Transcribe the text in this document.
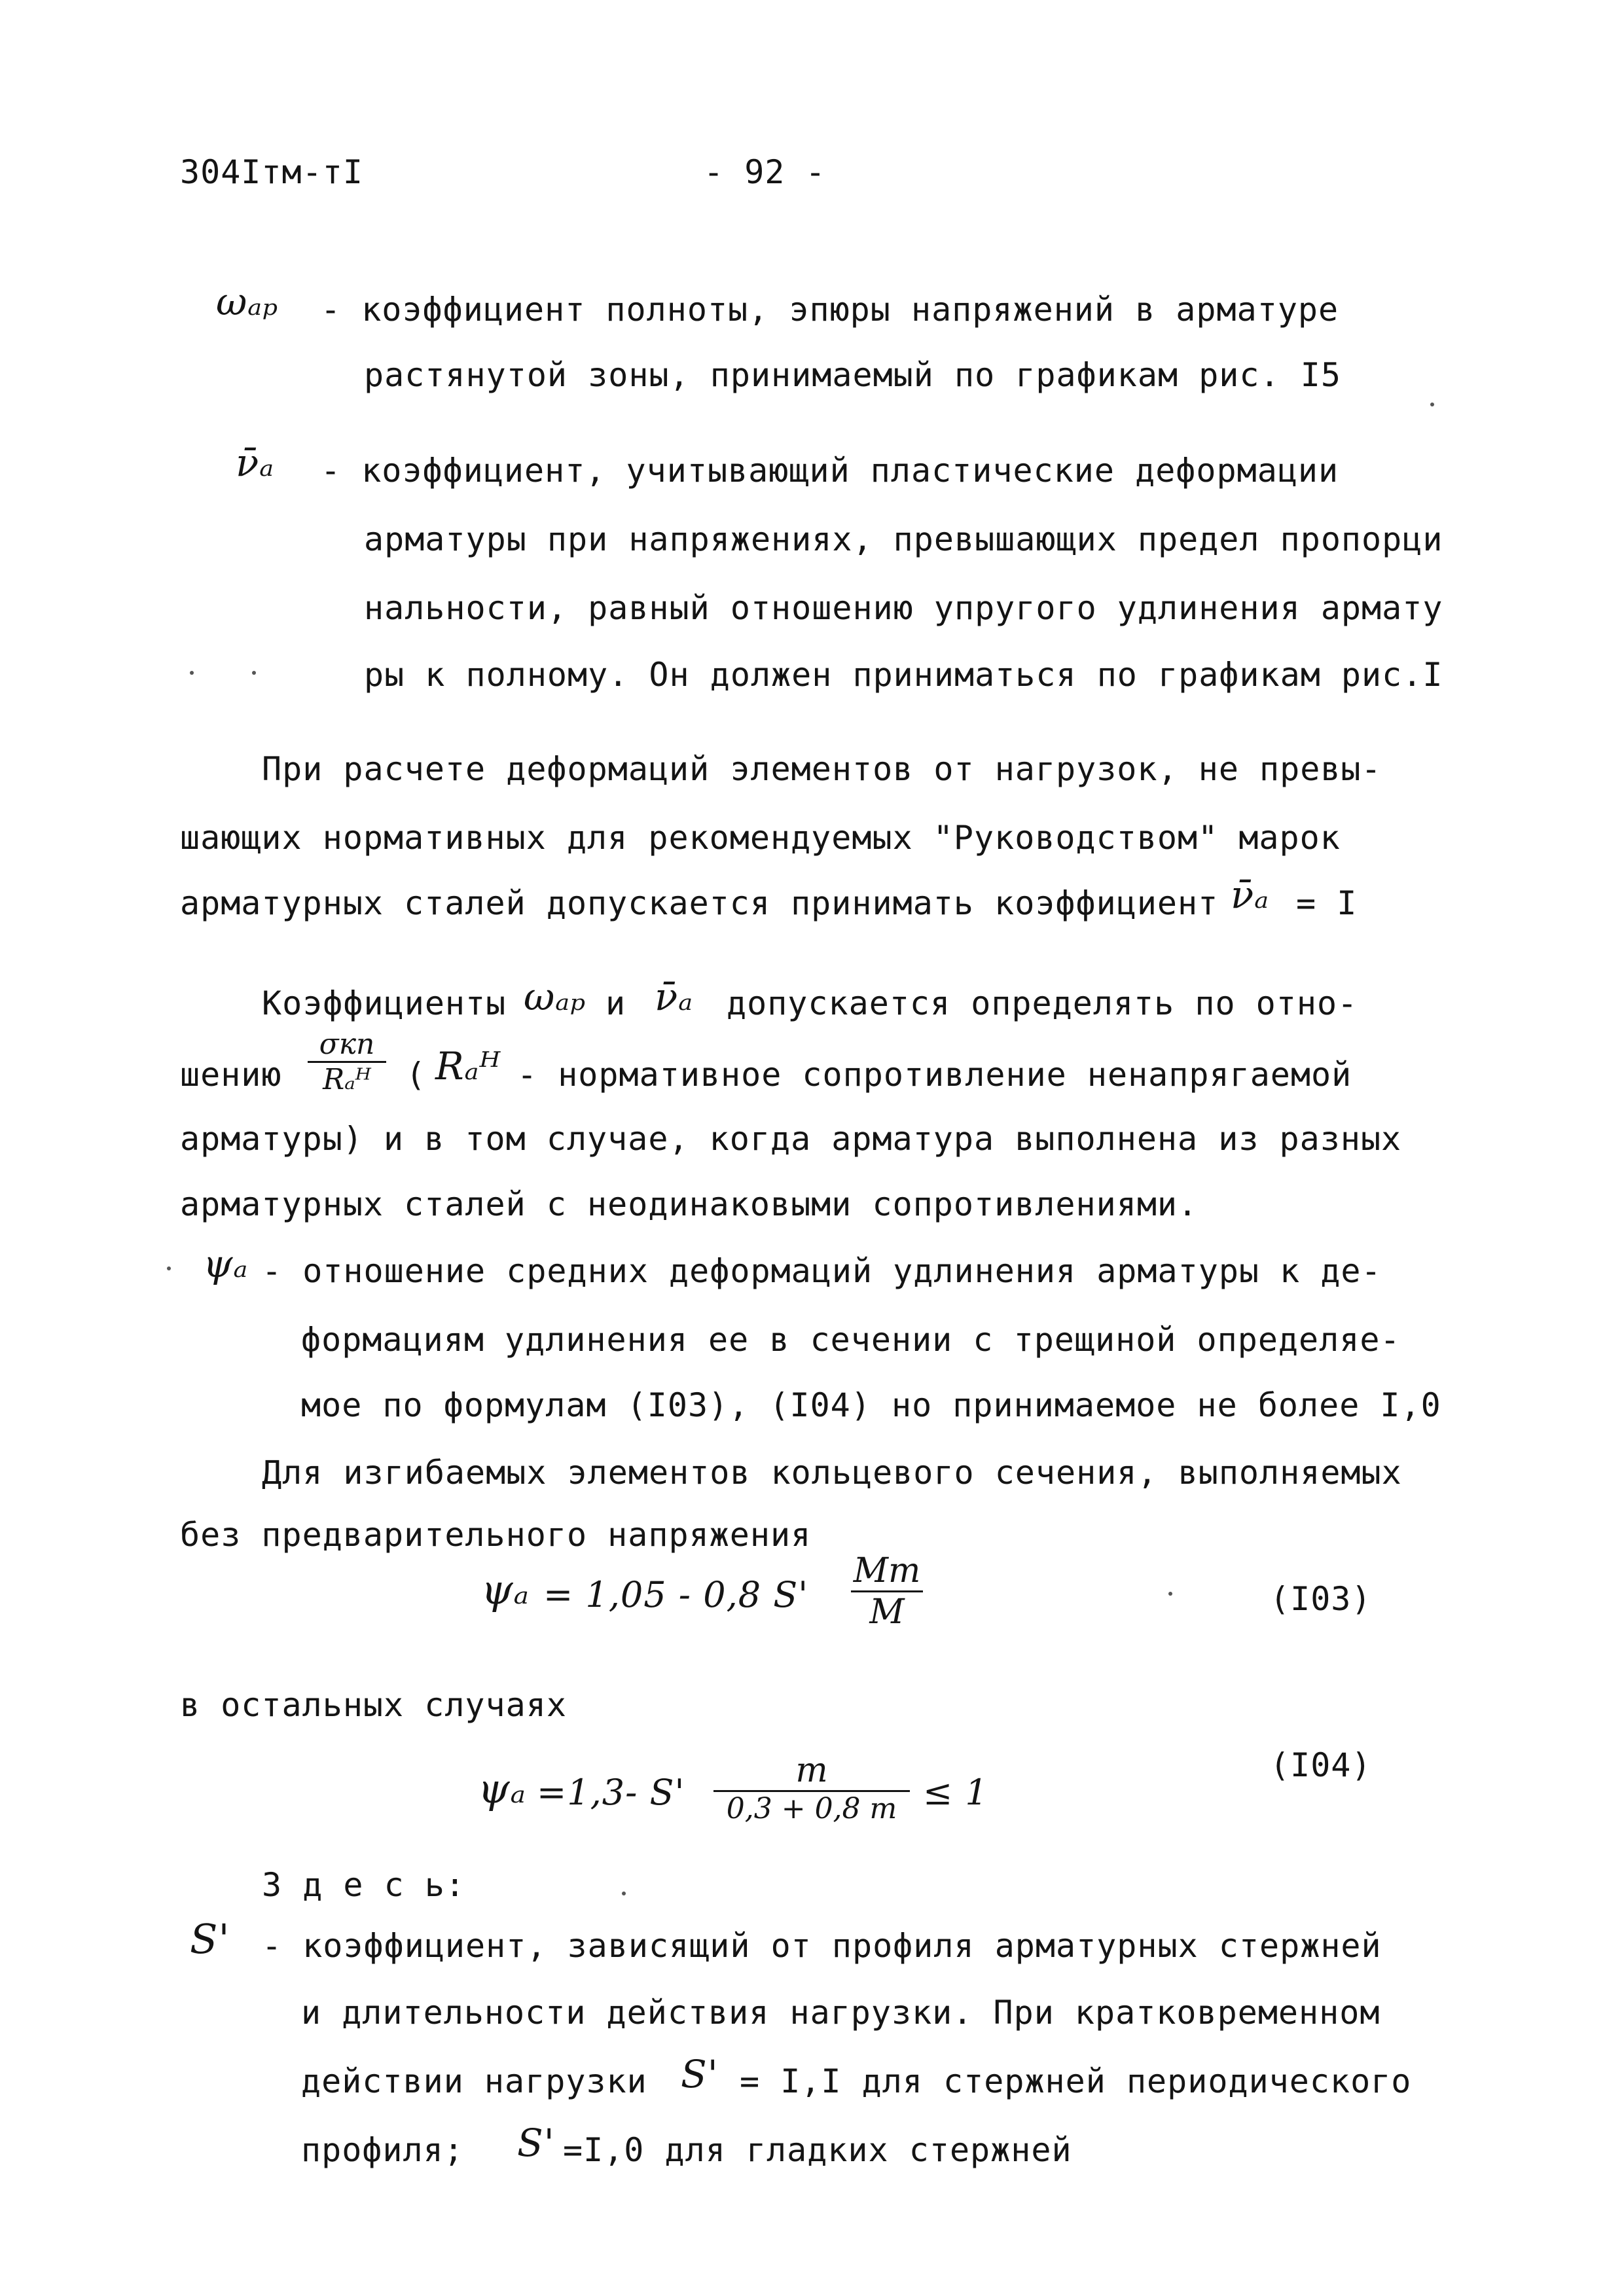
304Iтм-тI	- 92 -
ωₐₚ - коэффициент полноты, эпюры напряжений в арматуре
растянутой зоны, принимаемый по графикам рис. I5
ν̄ₐ - коэффициент, учитывающий пластические деформации
арматуры при напряжениях, превышающих предел пропорци
нальности, равный отношению упругого удлинения армату
ры к полному. Он должен приниматься по графикам рис.I
При расчете деформаций элементов от нагрузок, не превы-
шающих нормативных для рекомендуемых "Руководством" марок
арматурных сталей допускается принимать коэффициент ν̄ₐ = I
Коэффициенты ωₐₚ и ν̄ₐ допускается определять по отно-
шению
σкп
Rₐᴴ ( Rₐᴴ - нормативное сопротивление ненапрягаемой
арматуры) и в том случае, когда арматура выполнена из разных
арматурных сталей с неодинаковыми сопротивлениями.
ψₐ - отношение средних деформаций удлинения арматуры к де-
формациям удлинения ее в сечении с трещиной определяе-
мое по формулам (I03), (I04) но принимаемое не более I,0
Для изгибаемых элементов кольцевого сечения, выполняемых
без предварительного напряжения
ψₐ = 1,05 - 0,8 S'
Mт
M	(I03)
в остальных случаях
ψₐ =1,3- S'
m
0,3 + 0,8 m ≤ 1
(I04)
З д е с ь:
S' - коэффициент, зависящий от профиля арматурных стержней
и длительности действия нагрузки. При кратковременном
действии нагрузки S' = I,I для стержней периодического
профиля; S' =I,0 для гладких стержней
